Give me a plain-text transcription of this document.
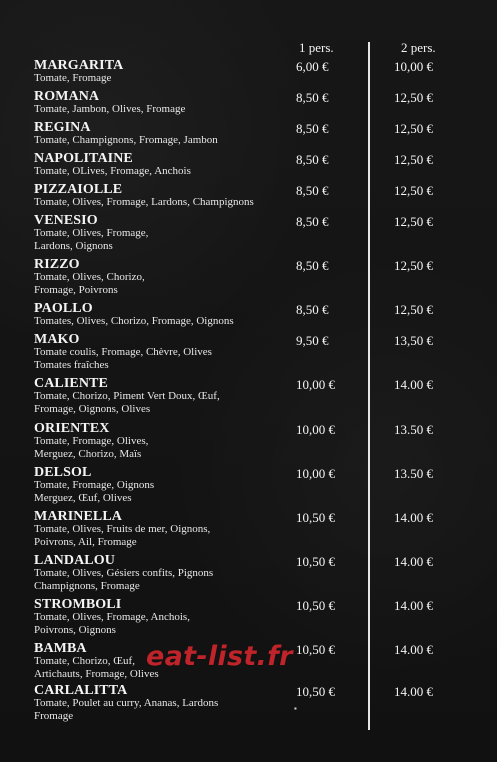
1 pers.	2 pers.
MARGARITA
Tomate, Fromage
6,00 €	10,00 €
ROMANA
Tomate, Jambon, Olives, Fromage
8,50 €	12,50 €
REGINA
Tomate, Champignons, Fromage, Jambon
8,50 €	12,50 €
NAPOLITAINE
Tomate, OLives, Fromage, Anchois
8,50 €	12,50 €
PIZZAIOLLE
Tomate, Olives, Fromage, Lardons, Champignons
8,50 €	12,50 €
VENESIO
Tomate, Olives, Fromage,
Lardons, Oignons
8,50 €	12,50 €
RIZZO
Tomate, Olives, Chorizo,
Fromage, Poivrons
8,50 €	12,50 €
PAOLLO
Tomates, Olives, Chorizo, Fromage, Oignons
8,50 €	12,50 €
MAKO
Tomate coulis, Fromage, Chèvre, Olives
Tomates fraîches
9,50 €	13,50 €
CALIENTE
Tomate, Chorizo, Piment Vert Doux, Œuf,
Fromage, Oignons, Olives
10,00 €	14.00 €
ORIENTEX
Tomate, Fromage, Olives,
Merguez, Chorizo, Maïs
10,00 €	13.50 €
DELSOL
Tomate, Fromage, Oignons
Merguez, Œuf, Olives
10,00 €	13.50 €
MARINELLA
Tomate, Olives, Fruits de mer, Oignons,
Poivrons, Ail, Fromage
10,50 €	14.00 €
LANDALOU
Tomate, Olives, Gésiers confits, Pignons
Champignons, Fromage
10,50 €	14.00 €
STROMBOLI
Tomate, Olives, Fromage, Anchois,
Poivrons, Oignons
10,50 €	14.00 €
BAMBA
Tomate, Chorizo, Œuf,
Artichauts, Fromage, Olives
10,50 €	14.00 €
CARLALITTA
Tomate, Poulet au curry, Ananas, Lardons
Fromage
10,50 €	14.00 €
eat-list.fr
▪
